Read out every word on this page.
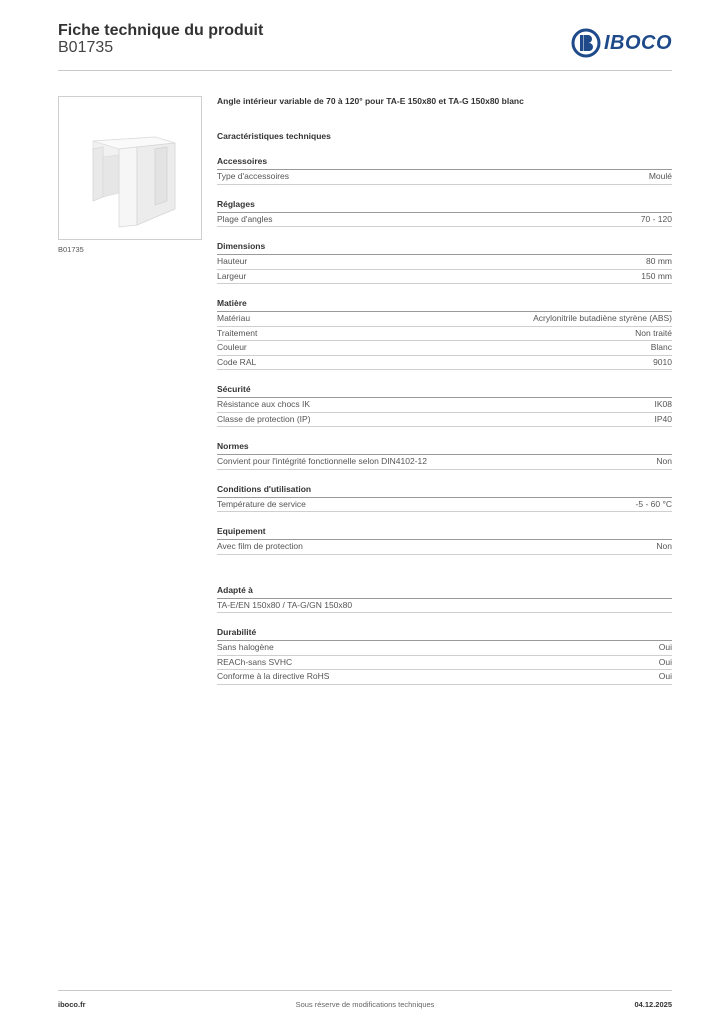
Fiche technique du produit
B01735	IBOCO
B01735
Angle intérieur variable de 70 à 120° pour TA-E 150x80 et TA-G 150x80 blanc
Caractéristiques techniques
Accessoires
Type d'accessoires	Moulé
Réglages
Plage d'angles	70 - 120
Dimensions
Hauteur	80 mm
Largeur	150 mm
Matière
Matériau	Acrylonitrile butadiène styrène (ABS)
Traitement	Non traité
Couleur	Blanc
Code RAL	9010
Sécurité
Résistance aux chocs IK	IK08
Classe de protection (IP)	IP40
Normes
Convient pour l'intégrité fonctionnelle selon DIN4102-12	Non
Conditions d'utilisation
Température de service	-5 - 60 °C
Equipement
Avec film de protection	Non
Adapté à
TA-E/EN 150x80 / TA-G/GN 150x80
Durabilité
Sans halogène	Oui
REACh-sans SVHC	Oui
Conforme à la directive RoHS	Oui
iboco.fr	Sous réserve de modifications techniques	04.12.2025
